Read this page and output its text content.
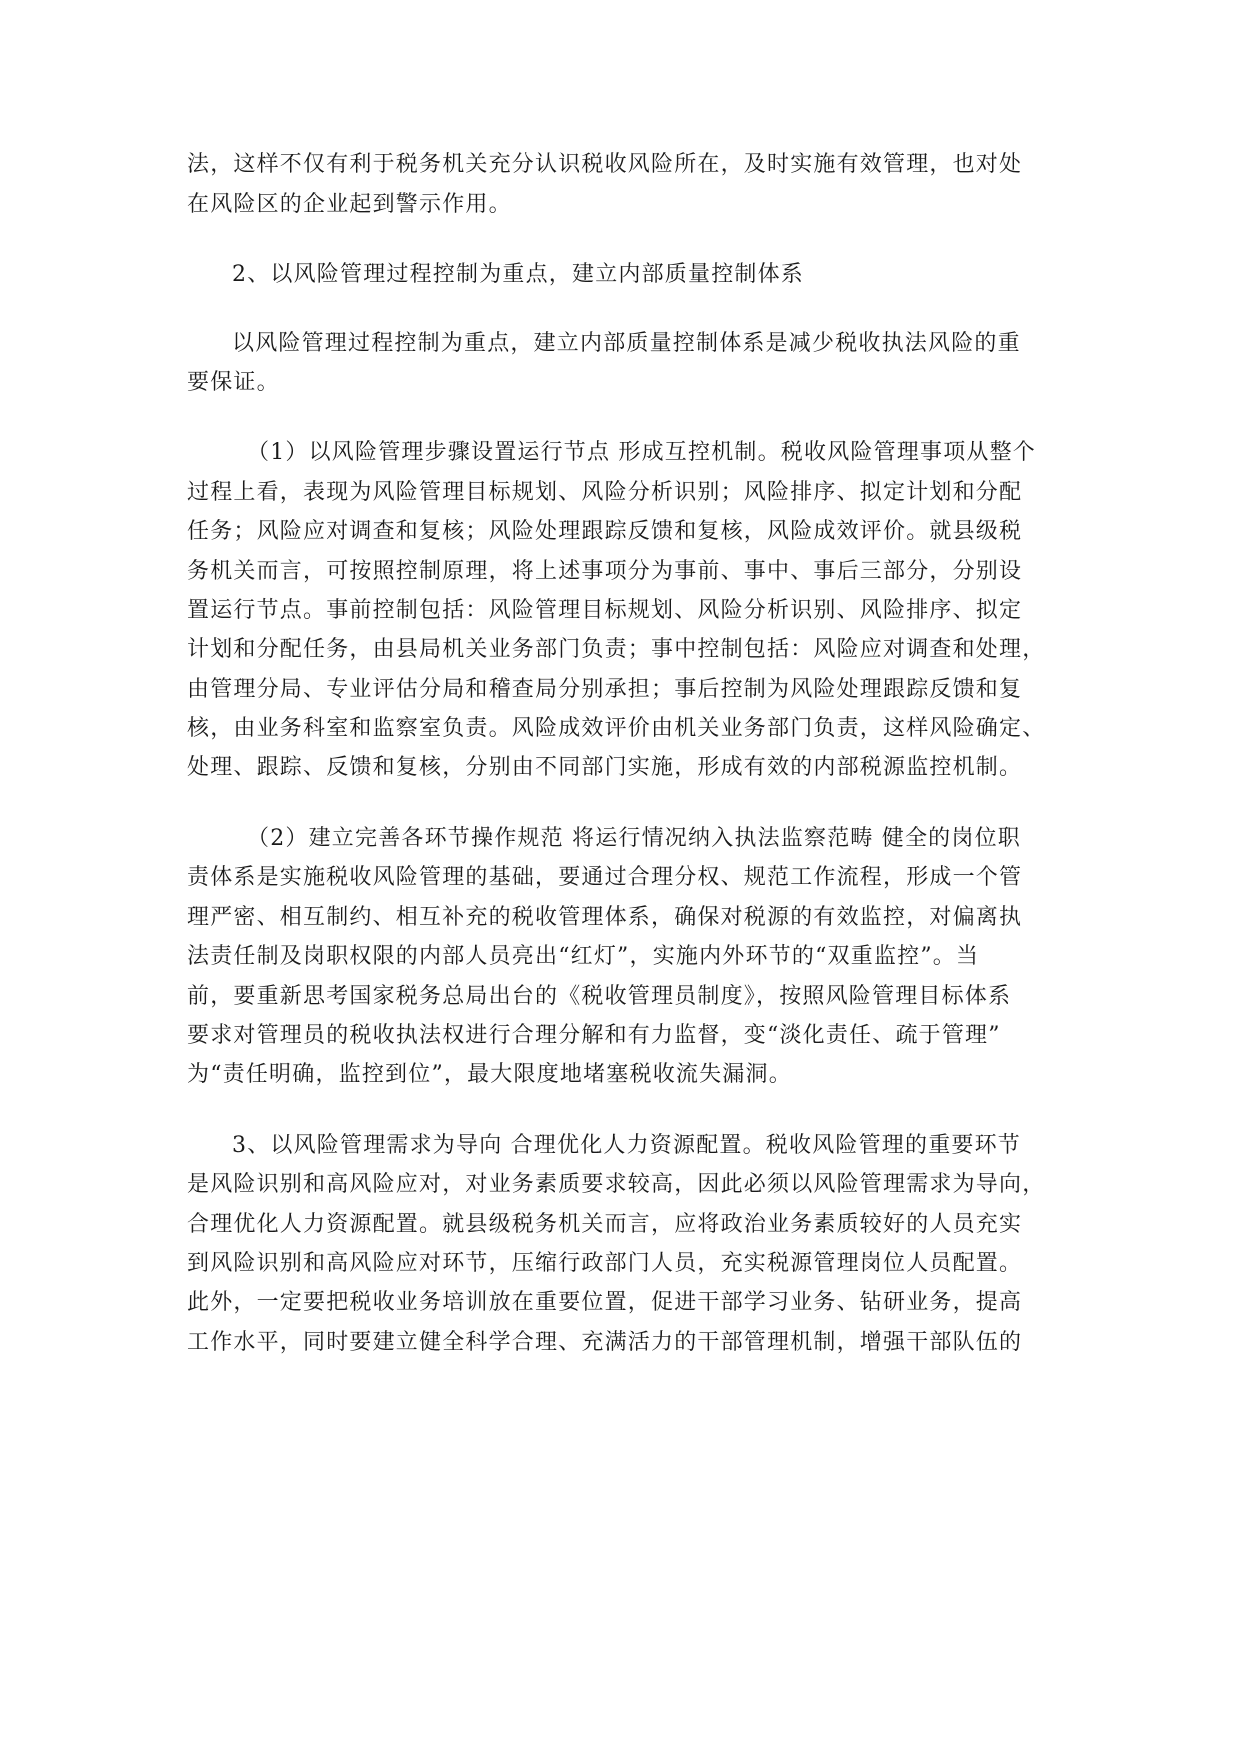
法，这样不仅有利于税务机关充分认识税收风险所在，及时实施有效管理，也对处
在风险区的企业起到警示作用。
2、以风险管理过程控制为重点，建立内部质量控制体系
以风险管理过程控制为重点，建立内部质量控制体系是减少税收执法风险的重
要保证。
（1）以风险管理步骤设置运行节点 形成互控机制。税收风险管理事项从整个
过程上看，表现为风险管理目标规划、风险分析识别；风险排序、拟定计划和分配
任务；风险应对调查和复核；风险处理跟踪反馈和复核，风险成效评价。就县级税
务机关而言，可按照控制原理，将上述事项分为事前、事中、事后三部分，分别设
置运行节点。事前控制包括：风险管理目标规划、风险分析识别、风险排序、拟定
计划和分配任务，由县局机关业务部门负责；事中控制包括：风险应对调查和处理，
由管理分局、专业评估分局和稽查局分别承担；事后控制为风险处理跟踪反馈和复
核，由业务科室和监察室负责。风险成效评价由机关业务部门负责，这样风险确定、
处理、跟踪、反馈和复核，分别由不同部门实施，形成有效的内部税源监控机制。
（2）建立完善各环节操作规范 将运行情况纳入执法监察范畴 健全的岗位职
责体系是实施税收风险管理的基础，要通过合理分权、规范工作流程，形成一个管
理严密、相互制约、相互补充的税收管理体系，确保对税源的有效监控，对偏离执
法责任制及岗职权限的内部人员亮出“红灯”，实施内外环节的“双重监控”。当
前，要重新思考国家税务总局出台的《税收管理员制度》，按照风险管理目标体系
要求对管理员的税收执法权进行合理分解和有力监督，变“淡化责任、疏于管理”
为“责任明确，监控到位”，最大限度地堵塞税收流失漏洞。
3、以风险管理需求为导向 合理优化人力资源配置。税收风险管理的重要环节
是风险识别和高风险应对，对业务素质要求较高，因此必须以风险管理需求为导向，
合理优化人力资源配置。就县级税务机关而言，应将政治业务素质较好的人员充实
到风险识别和高风险应对环节，压缩行政部门人员，充实税源管理岗位人员配置。
此外，一定要把税收业务培训放在重要位置，促进干部学习业务、钻研业务，提高
工作水平，同时要建立健全科学合理、充满活力的干部管理机制，增强干部队伍的
